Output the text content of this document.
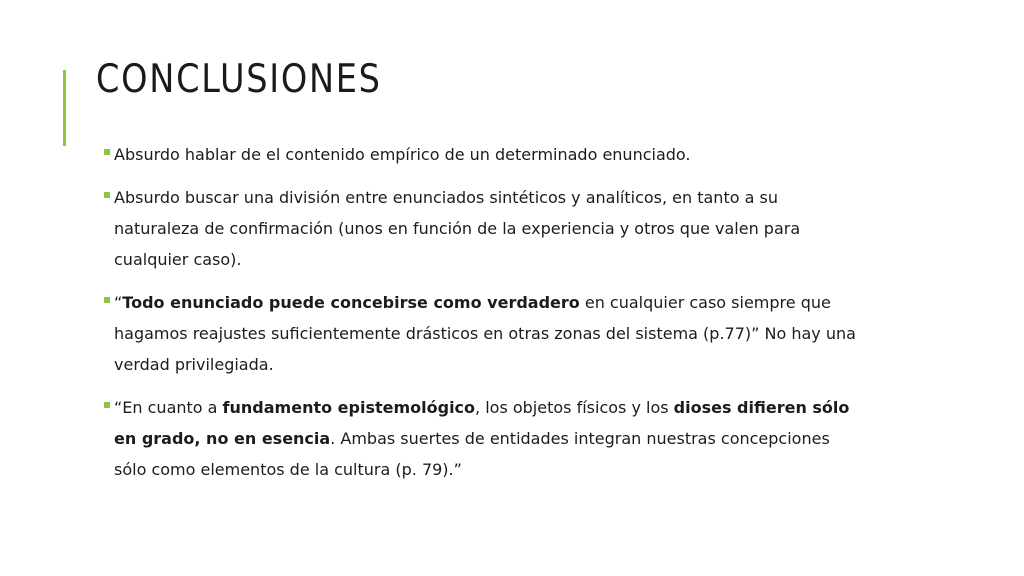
CONCLUSIONES
Absurdo hablar de el contenido empírico de un determinado enunciado.
Absurdo buscar una división entre enunciados sintéticos y analíticos, en tanto a su naturaleza de confirmación (unos en función de la experiencia y otros que valen para cualquier caso).
“Todo enunciado puede concebirse como verdadero en cualquier caso siempre que hagamos reajustes suficientemente drásticos en otras zonas del sistema (p.77)” No hay una verdad privilegiada.
“En cuanto a fundamento epistemológico, los objetos físicos y los dioses difieren sólo en grado, no en esencia. Ambas suertes de entidades integran nuestras concepciones sólo como elementos de la cultura (p. 79).”
